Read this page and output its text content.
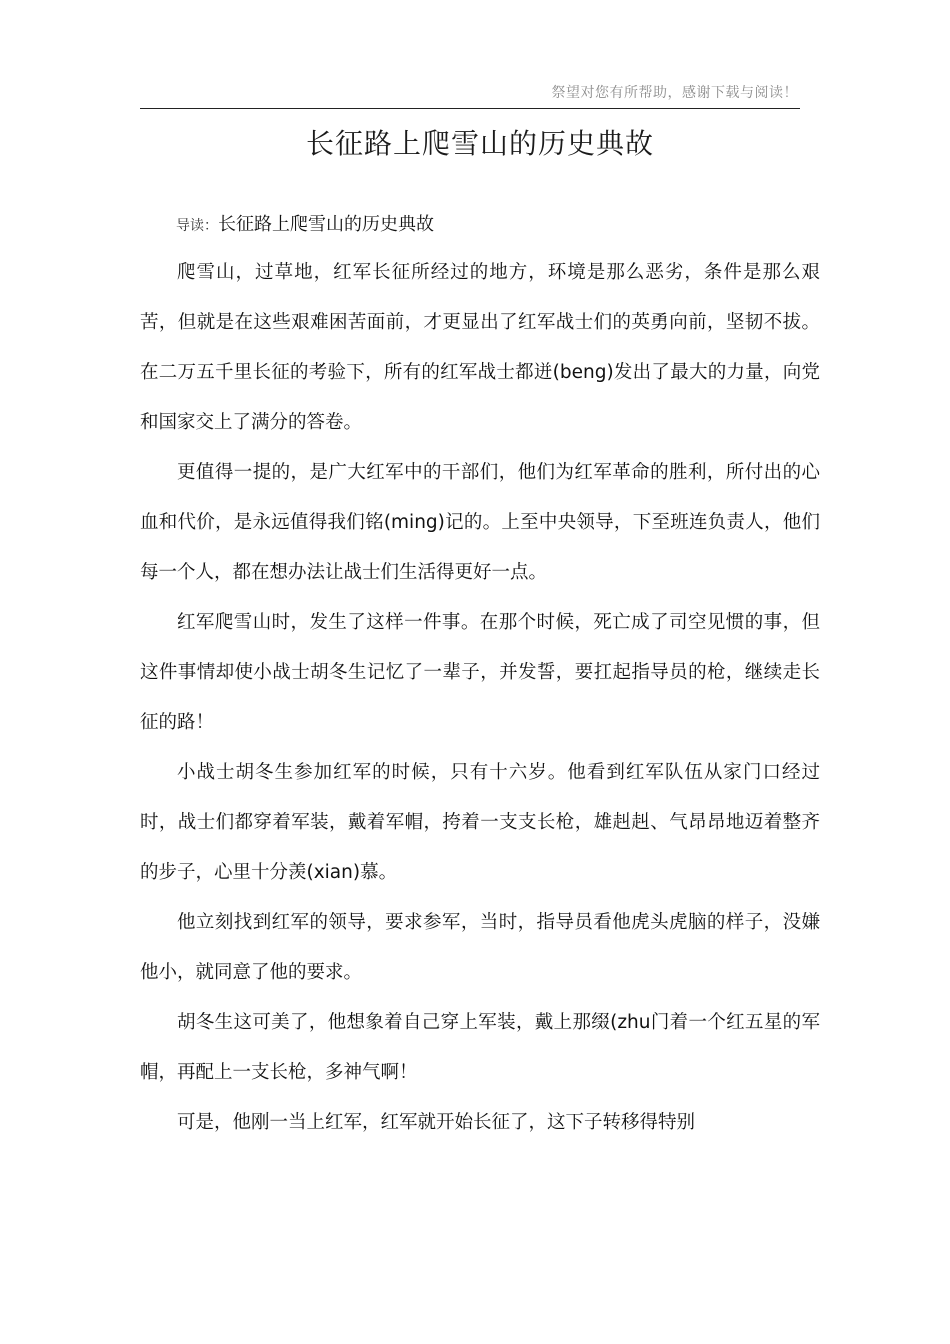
祭望对您有所帮助，感谢下载与阅读！
长征路上爬雪山的历史典故
导读：长征路上爬雪山的历史典故

爬雪山，过草地，红军长征所经过的地方，环境是那么恶劣，条件是那么艰苦，但就是在这些艰难困苦面前，才更显出了红军战士们的英勇向前，坚韧不拔。在二万五千里长征的考验下，所有的红军战士都迸(beng)发出了最大的力量，向党和国家交上了满分的答卷。

更值得一提的，是广大红军中的干部们，他们为红军革命的胜利，所付出的心血和代价，是永远值得我们铭(ming)记的。上至中央领导，下至班连负责人，他们每一个人，都在想办法让战士们生活得更好一点。

红军爬雪山时，发生了这样一件事。在那个时候，死亡成了司空见惯的事，但这件事情却使小战士胡冬生记忆了一辈子，并发誓，要扛起指导员的枪，继续走长征的路！

小战士胡冬生参加红军的时候，只有十六岁。他看到红军队伍从家门口经过时，战士们都穿着军装，戴着军帽，挎着一支支长枪，雄赳赳、气昂昂地迈着整齐的步子，心里十分羡(xian)慕。

他立刻找到红军的领导，要求参军，当时，指导员看他虎头虎脑的样子，没嫌他小，就同意了他的要求。

胡冬生这可美了，他想象着自己穿上军装，戴上那缀(zhu门着一个红五星的军帽，再配上一支长枪，多神气啊！

可是，他刚一当上红军，红军就开始长征了，这下子转移得特别
